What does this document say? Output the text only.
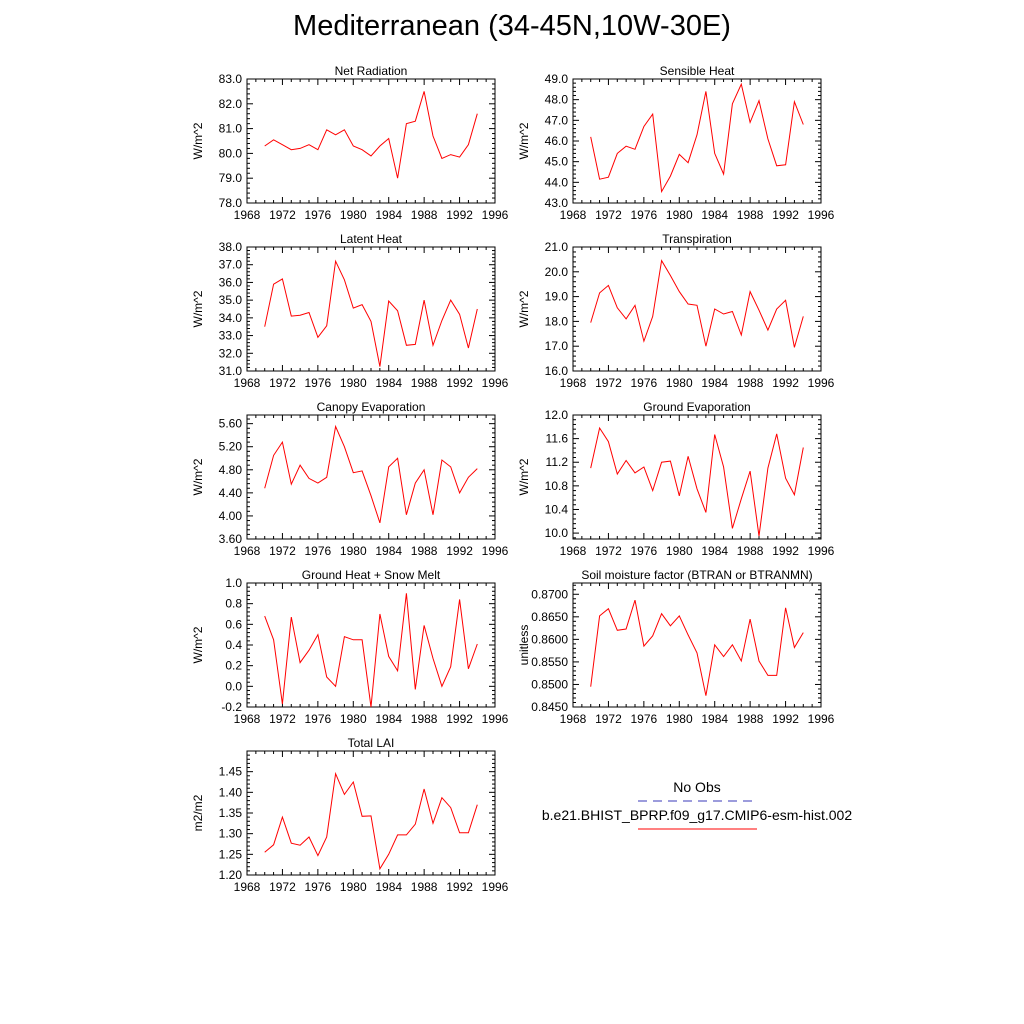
Mediterranean (34-45N,10W-30E)
Net Radiation
1968 1972 1976 1980 1984 1988 1992 1996
83.0
82.0
81.0
80.0
79.0
78.0
W/m^2
Sensible Heat
1968 1972 1976 1980 1984 1988 1992 1996
49.0
48.0
47.0
46.0
45.0
44.0
43.0
W/m^2
Latent Heat
1968 1972 1976 1980 1984 1988 1992 1996
38.0
37.0
36.0
35.0
34.0
33.0
32.0
31.0
W/m^2
Transpiration
1968 1972 1976 1980 1984 1988 1992 1996
21.0
20.0
19.0
18.0
17.0
16.0
W/m^2
Canopy Evaporation
1968 1972 1976 1980 1984 1988 1992 1996
5.60
5.20
4.80
4.40
4.00
3.60
W/m^2
Ground Evaporation
1968 1972 1976 1980 1984 1988 1992 1996
12.0
11.6
11.2
10.8
10.4
10.0
W/m^2
Ground Heat + Snow Melt
1968 1972 1976 1980 1984 1988 1992 1996
1.0
0.8
0.6
0.4
0.2
0.0
-0.2
W/m^2
Soil moisture factor (BTRAN or BTRANMN)
1968 1972 1976 1980 1984 1988 1992 1996
0.8700
0.8650
0.8600
0.8550
0.8500
0.8450
unitless
Total LAI
1968 1972 1976 1980 1984 1988 1992 1996
1.45
1.40
1.35
1.30
1.25
1.20
m2/m2
No Obs
b.e21.BHIST_BPRP.f09_g17.CMIP6-esm-hist.002
